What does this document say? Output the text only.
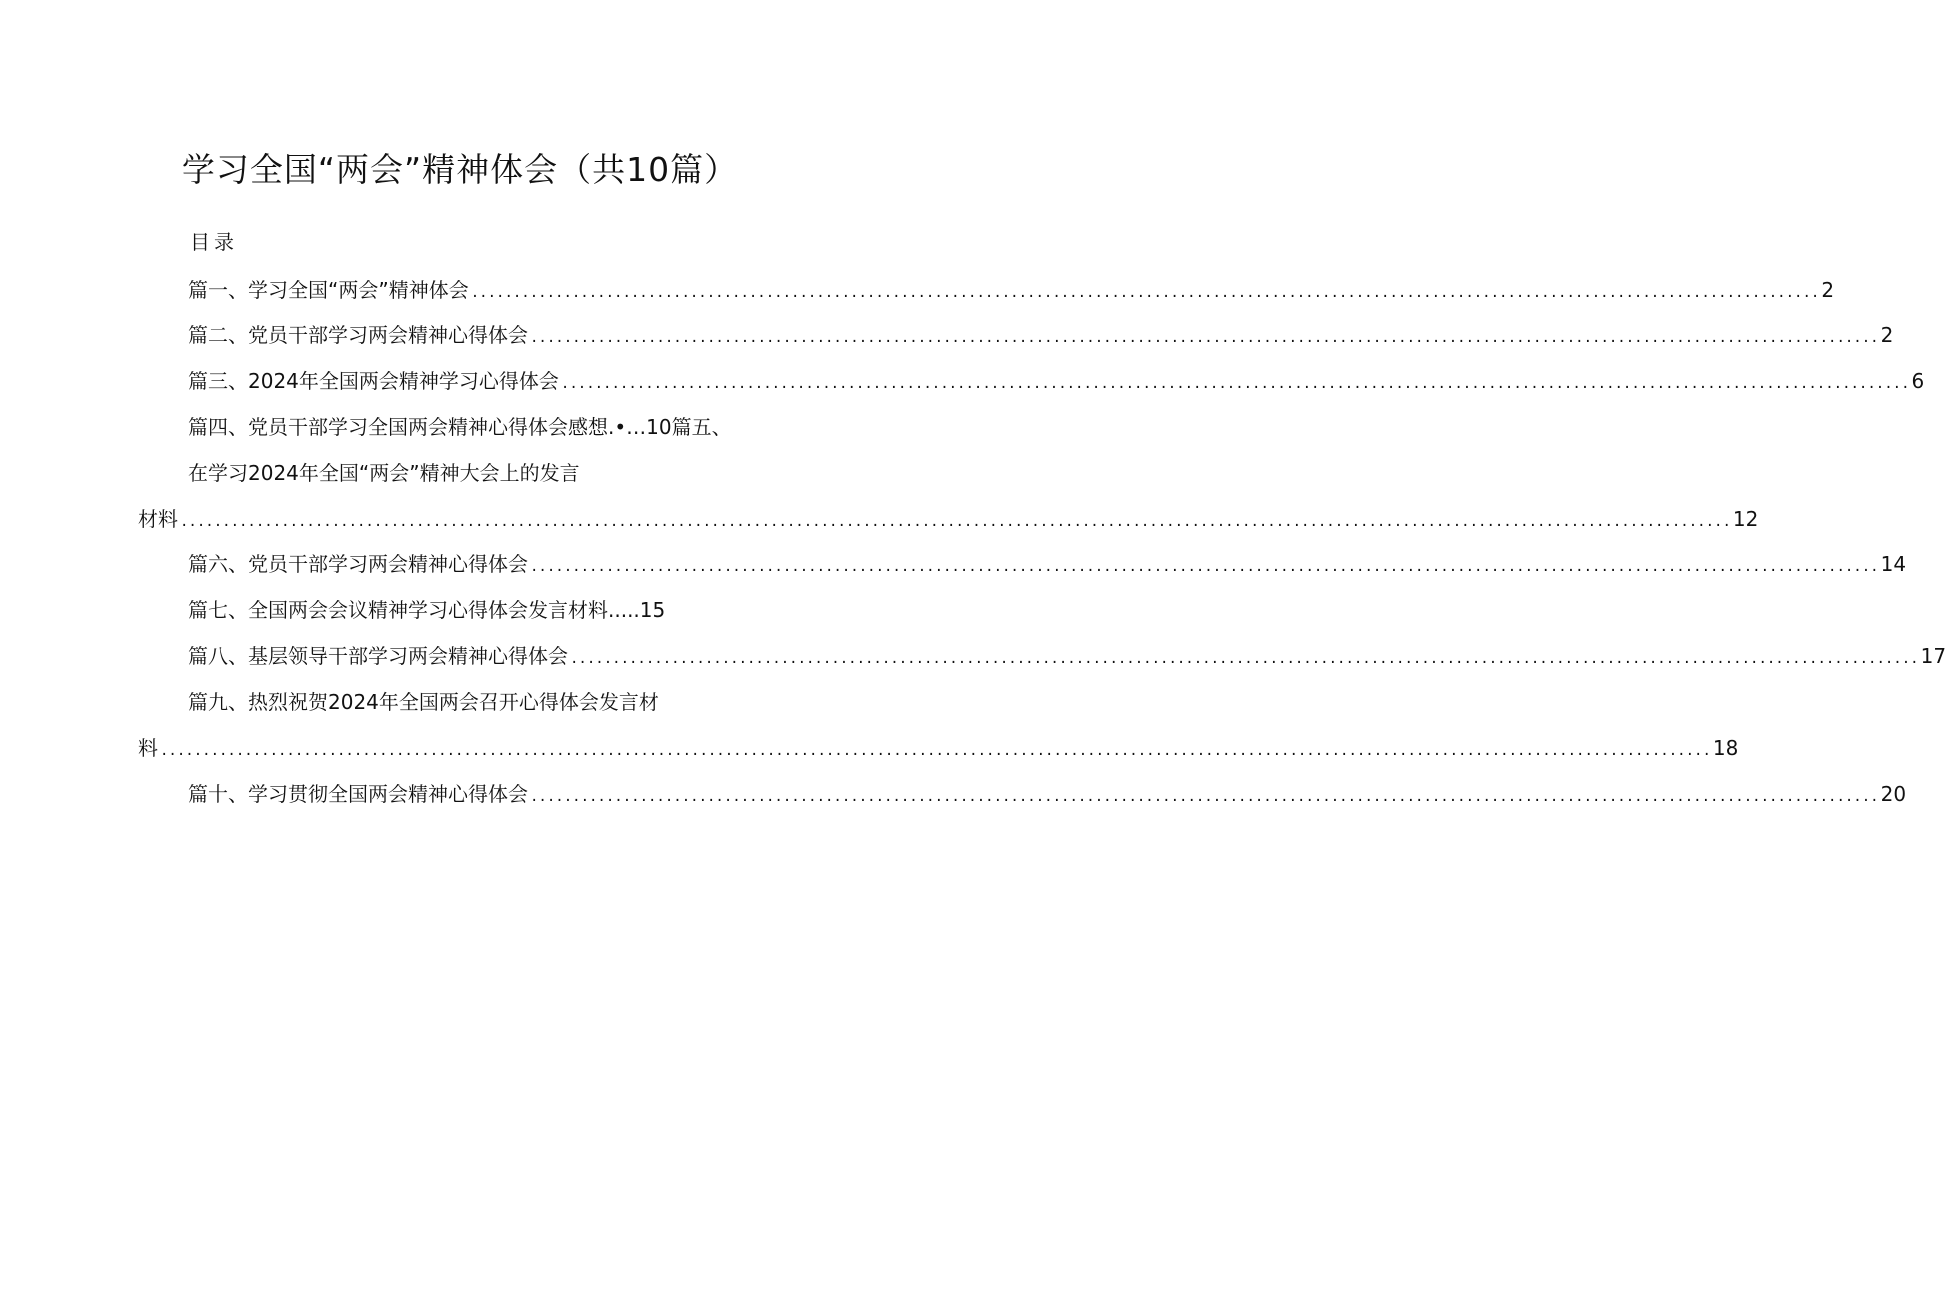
学习全国“两会”精神体会（共10篇）
目录
篇一、学习全国“两会”精神体会 ................................................................................................................................................................ 2
篇二、党员干部学习两会精神心得体会 ................................................................................................................................................................ 2
篇三、2024年全国两会精神学习心得体会 ................................................................................................................................................................ 6
篇四、党员干部学习全国两会精神心得体会感想.•…10篇五、
在学习2024年全国“两会”精神大会上的发言
材料 ........................................................................................................................................................................................ 12
篇六、党员干部学习两会精神心得体会 ................................................................................................................................................................ 14
篇七、全国两会会议精神学习心得体会发言材料.....15
篇八、基层领导干部学习两会精神心得体会 ................................................................................................................................................................ 17
篇九、热烈祝贺2024年全国两会召开心得体会发言材
料 ........................................................................................................................................................................................ 18
篇十、学习贯彻全国两会精神心得体会 ................................................................................................................................................................ 20
